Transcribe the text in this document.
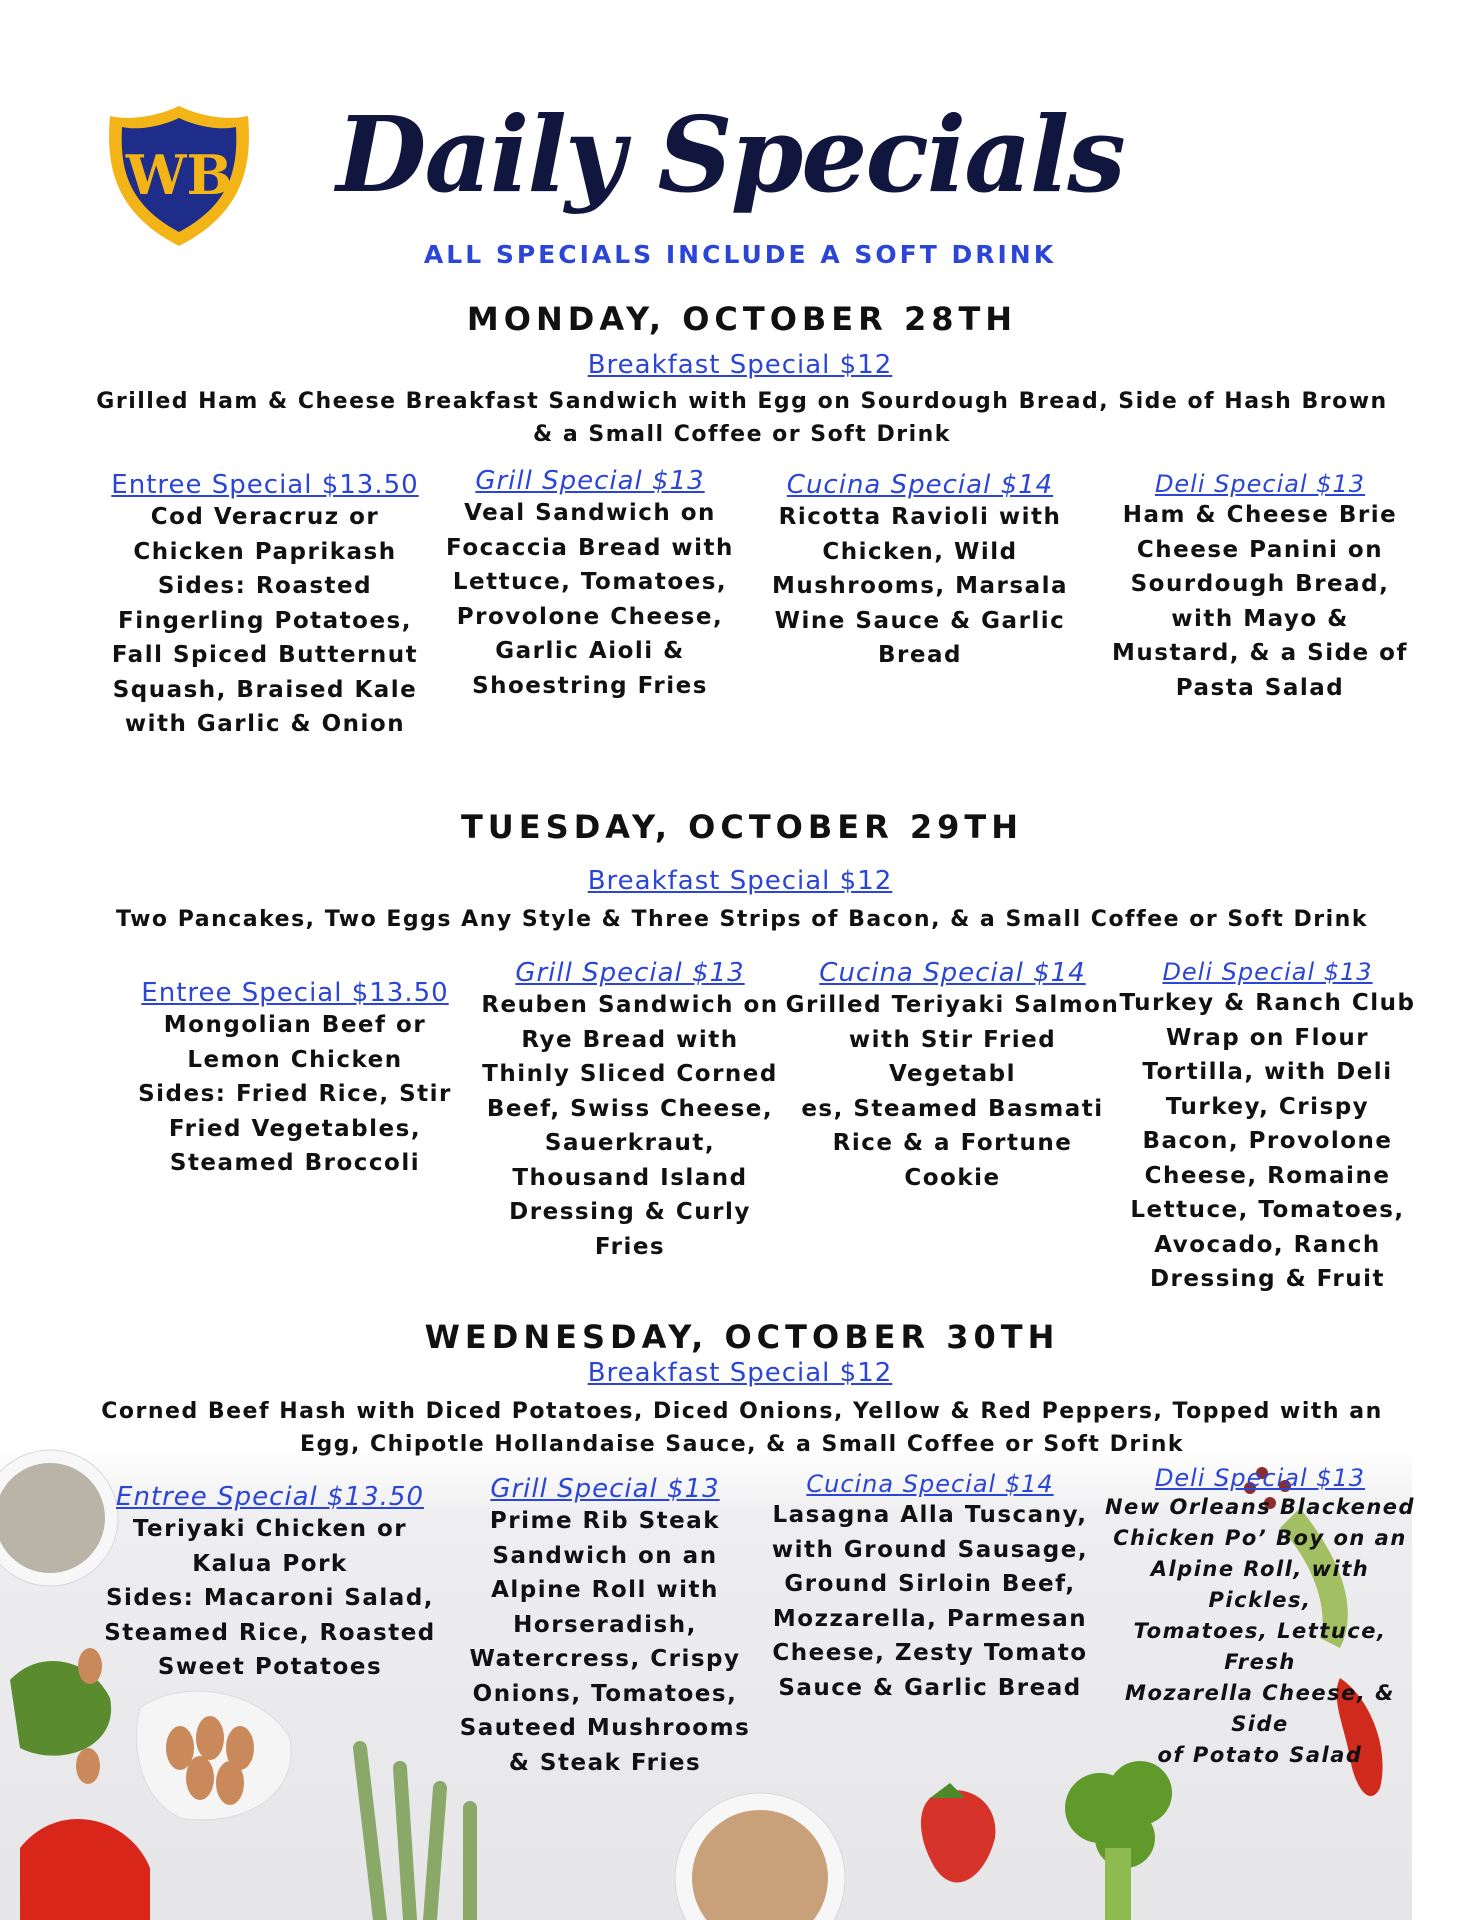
WB Daily Specials
ALL SPECIALS INCLUDE A SOFT DRINK
MONDAY, OCTOBER 28TH
Breakfast Special $12
Grilled Ham & Cheese Breakfast Sandwich with Egg on Sourdough Bread, Side of Hash Brown
& a Small Coffee or Soft Drink
Entree Special $13.50
Cod Veracruz or
Chicken Paprikash
Sides: Roasted
Fingerling Potatoes,
Fall Spiced Butternut
Squash, Braised Kale
with Garlic & Onion
Grill Special $13
Veal Sandwich on
Focaccia Bread with
Lettuce, Tomatoes,
Provolone Cheese,
Garlic Aioli &
Shoestring Fries
Cucina Special $14
Ricotta Ravioli with
Chicken, Wild
Mushrooms, Marsala
Wine Sauce & Garlic
Bread
Deli Special $13
Ham & Cheese Brie
Cheese Panini on
Sourdough Bread,
with Mayo &
Mustard, & a Side of
Pasta Salad
TUESDAY, OCTOBER 29TH
Breakfast Special $12
Two Pancakes, Two Eggs Any Style & Three Strips of Bacon, & a Small Coffee or Soft Drink
Entree Special $13.50
Mongolian Beef or
Lemon Chicken
Sides: Fried Rice, Stir
Fried Vegetables,
Steamed Broccoli
Grill Special $13
Reuben Sandwich on
Rye Bread with
Thinly Sliced Corned
Beef, Swiss Cheese,
Sauerkraut,
Thousand Island
Dressing & Curly
Fries
Cucina Special $14
Grilled Teriyaki Salmon
with Stir Fried Vegetabl
es, Steamed Basmati
Rice & a Fortune
Cookie
Deli Special $13
Turkey & Ranch Club
Wrap on Flour
Tortilla, with Deli
Turkey, Crispy
Bacon, Provolone
Cheese, Romaine
Lettuce, Tomatoes,
Avocado, Ranch
Dressing & Fruit
WEDNESDAY, OCTOBER 30TH
Breakfast Special $12
Corned Beef Hash with Diced Potatoes, Diced Onions, Yellow & Red Peppers, Topped with an
Egg, Chipotle Hollandaise Sauce, & a Small Coffee or Soft Drink
Entree Special $13.50
Teriyaki Chicken or
Kalua Pork
Sides: Macaroni Salad,
Steamed Rice, Roasted
Sweet Potatoes
Grill Special $13
Prime Rib Steak
Sandwich on an
Alpine Roll with
Horseradish,
Watercress, Crispy
Onions, Tomatoes,
Sauteed Mushrooms
& Steak Fries
Cucina Special $14
Lasagna Alla Tuscany,
with Ground Sausage,
Ground Sirloin Beef,
Mozzarella, Parmesan
Cheese, Zesty Tomato
Sauce & Garlic Bread
Deli Special $13
New Orleans Blackened
Chicken Po’ Boy on an
Alpine Roll, with Pickles,
Tomatoes, Lettuce, Fresh
Mozarella Cheese, & Side
of Potato Salad
